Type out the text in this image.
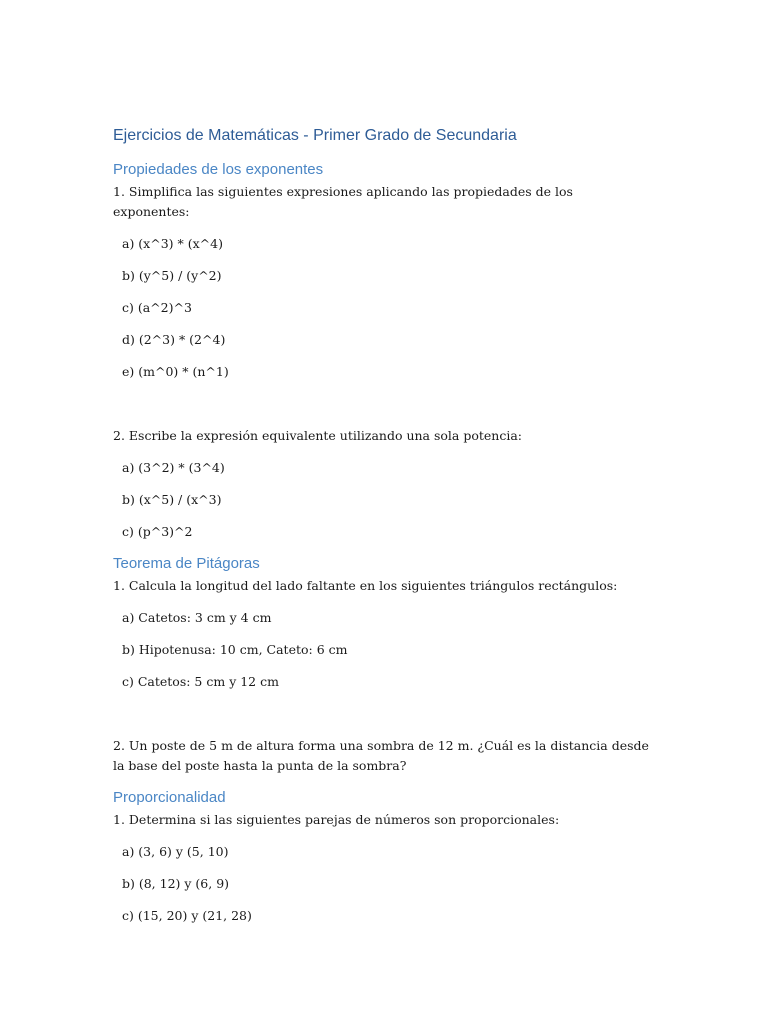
Ejercicios de Matemáticas - Primer Grado de Secundaria
Propiedades de los exponentes

1. Simplifica las siguientes expresiones aplicando las propiedades de los exponentes:

a) (x^3) * (x^4)

b) (y^5) / (y^2)

c) (a^2)^3

d) (2^3) * (2^4)

e) (m^0) * (n^1)

2. Escribe la expresión equivalente utilizando una sola potencia:

a) (3^2) * (3^4)

b) (x^5) / (x^3)

c) (p^3)^2

Teorema de Pitágoras

1. Calcula la longitud del lado faltante en los siguientes triángulos rectángulos:

a) Catetos: 3 cm y 4 cm

b) Hipotenusa: 10 cm, Cateto: 6 cm

c) Catetos: 5 cm y 12 cm

2. Un poste de 5 m de altura forma una sombra de 12 m. ¿Cuál es la distancia desde la base del poste hasta la punta de la sombra?

Proporcionalidad

1. Determina si las siguientes parejas de números son proporcionales:

a) (3, 6) y (5, 10)

b) (8, 12) y (6, 9)

c) (15, 20) y (21, 28)
